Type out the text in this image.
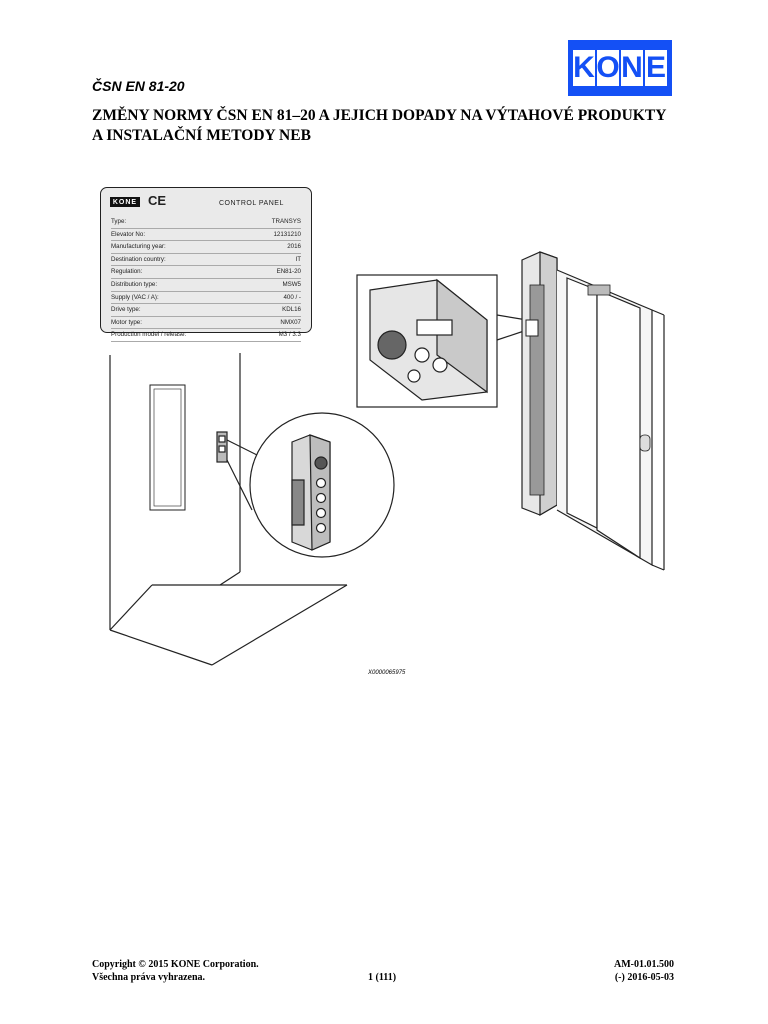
K O N E
ČSN EN 81-20
ZMĚNY NORMY ČSN EN 81–20 A JEJICH DOPADY NA VÝTAHOVÉ PRODUKTY
A INSTALAČNÍ METODY NEB
KONE CE	CONTROL PANEL
Type:	TRANSYS
Elevator No:	12131210
Manufacturing year:	2016
Destination country:	IT
Regulation:	EN81-20
Distribution type:	MSW5
Supply (VAC / A):	400 / -
Drive type:	KDL16
Motor type:	NMX07
Production model / release:	M3 / 3.3
X0000065975
Copyright © 2015 KONE Corporation.
Všechna práva vyhrazena.	1 (111)
AM-01.01.500
(-) 2016-05-03
